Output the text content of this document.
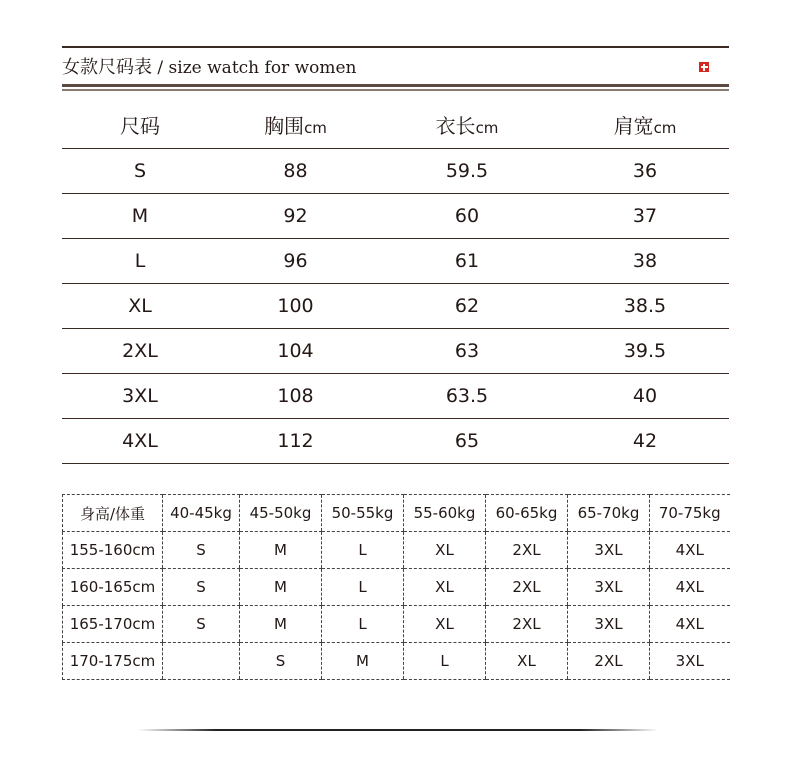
女款尺码表 / size watch for women
尺码	胸围cm	衣长cm	肩宽cm
S	88	59.5	36
M	92	60	37
L	96	61	38
XL	100	62	38.5
2XL	104	63	39.5
3XL	108	63.5	40
4XL	112	65	42
身高/体重	40-45kg	45-50kg	50-55kg	55-60kg	60-65kg	65-70kg	70-75kg
155-160cm	S	M	L	XL	2XL	3XL	4XL
160-165cm	S	M	L	XL	2XL	3XL	4XL
165-170cm	S	M	L	XL	2XL	3XL	4XL
170-175cm		S	M	L	XL	2XL	3XL
